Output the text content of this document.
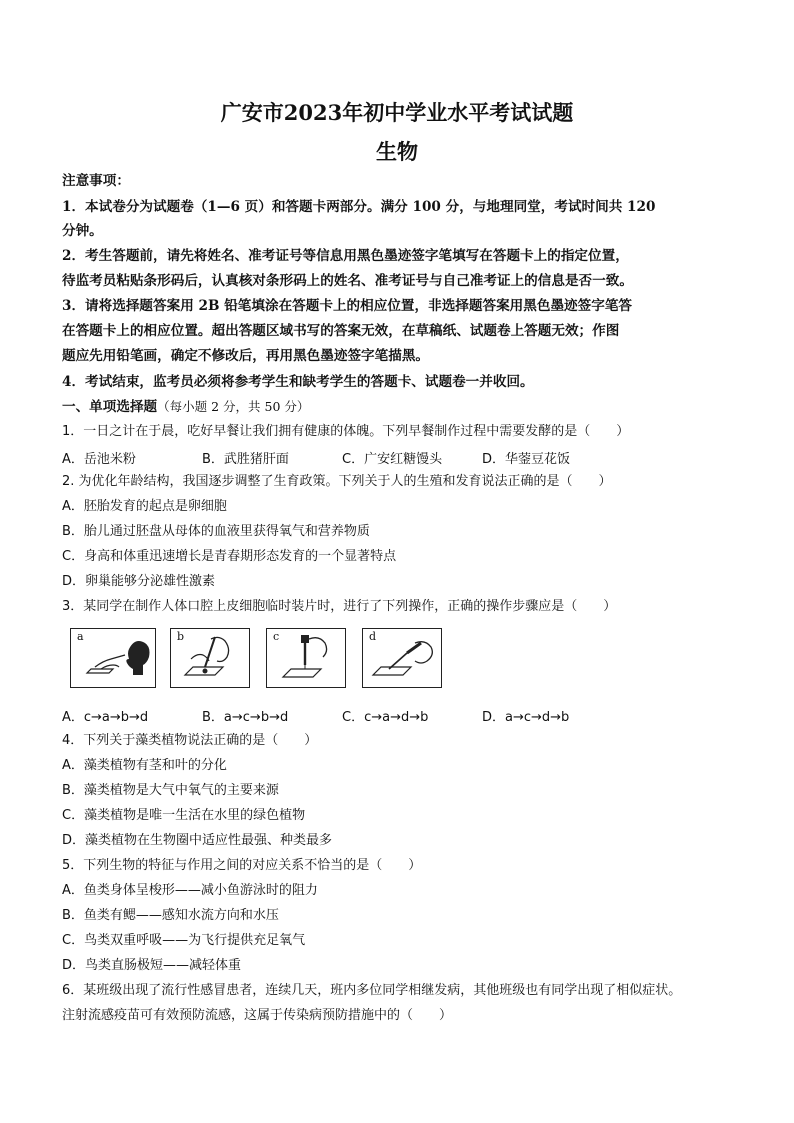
广安市2023年初中学业水平考试试题
生物
注意事项：
1．本试卷分为试题卷（1—6 页）和答题卡两部分。满分 100 分，与地理同堂，考试时间共 120
分钟。
2．考生答题前，请先将姓名、准考证号等信息用黑色墨迹签字笔填写在答题卡上的指定位置，
待监考员粘贴条形码后，认真核对条形码上的姓名、准考证号与自己准考证上的信息是否一致。
3．请将选择题答案用 2B 铅笔填涂在答题卡上的相应位置，非选择题答案用黑色墨迹签字笔答
在答题卡上的相应位置。超出答题区域书写的答案无效，在草稿纸、试题卷上答题无效；作图
题应先用铅笔画，确定不修改后，再用黑色墨迹签字笔描黑。
4．考试结束，监考员必须将参考学生和缺考学生的答题卡、试题卷一并收回。
一、单项选择题（每小题 2 分，共 50 分）
1．一日之计在于晨，吃好早餐让我们拥有健康的体魄。下列早餐制作过程中需要发酵的是（　　）
A．岳池米粉	B．武胜猪肝面	C．广安红糖馒头	D．华蓥豆花饭
2. 为优化年龄结构，我国逐步调整了生育政策。下列关于人的生殖和发育说法正确的是（　　）
A．胚胎发育的起点是卵细胞
B．胎儿通过胚盘从母体的血液里获得氧气和营养物质
C．身高和体重迅速增长是青春期形态发育的一个显著特点
D．卵巢能够分泌雄性激素
3．某同学在制作人体口腔上皮细胞临时装片时，进行了下列操作，正确的操作步骤应是（　　）
a	b	c	d
A．c→a→b→d	B．a→c→b→d	C．c→a→d→b	D．a→c→d→b
4．下列关于藻类植物说法正确的是（　　）
A．藻类植物有茎和叶的分化
B．藻类植物是大气中氧气的主要来源
C．藻类植物是唯一生活在水里的绿色植物
D．藻类植物在生物圈中适应性最强、种类最多
5．下列生物的特征与作用之间的对应关系不恰当的是（　　）
A．鱼类身体呈梭形——减小鱼游泳时的阻力
B．鱼类有鳃——感知水流方向和水压
C．鸟类双重呼吸——为飞行提供充足氧气
D．鸟类直肠极短——减轻体重
6．某班级出现了流行性感冒患者，连续几天，班内多位同学相继发病，其他班级也有同学出现了相似症状。
注射流感疫苗可有效预防流感，这属于传染病预防措施中的（　　）
